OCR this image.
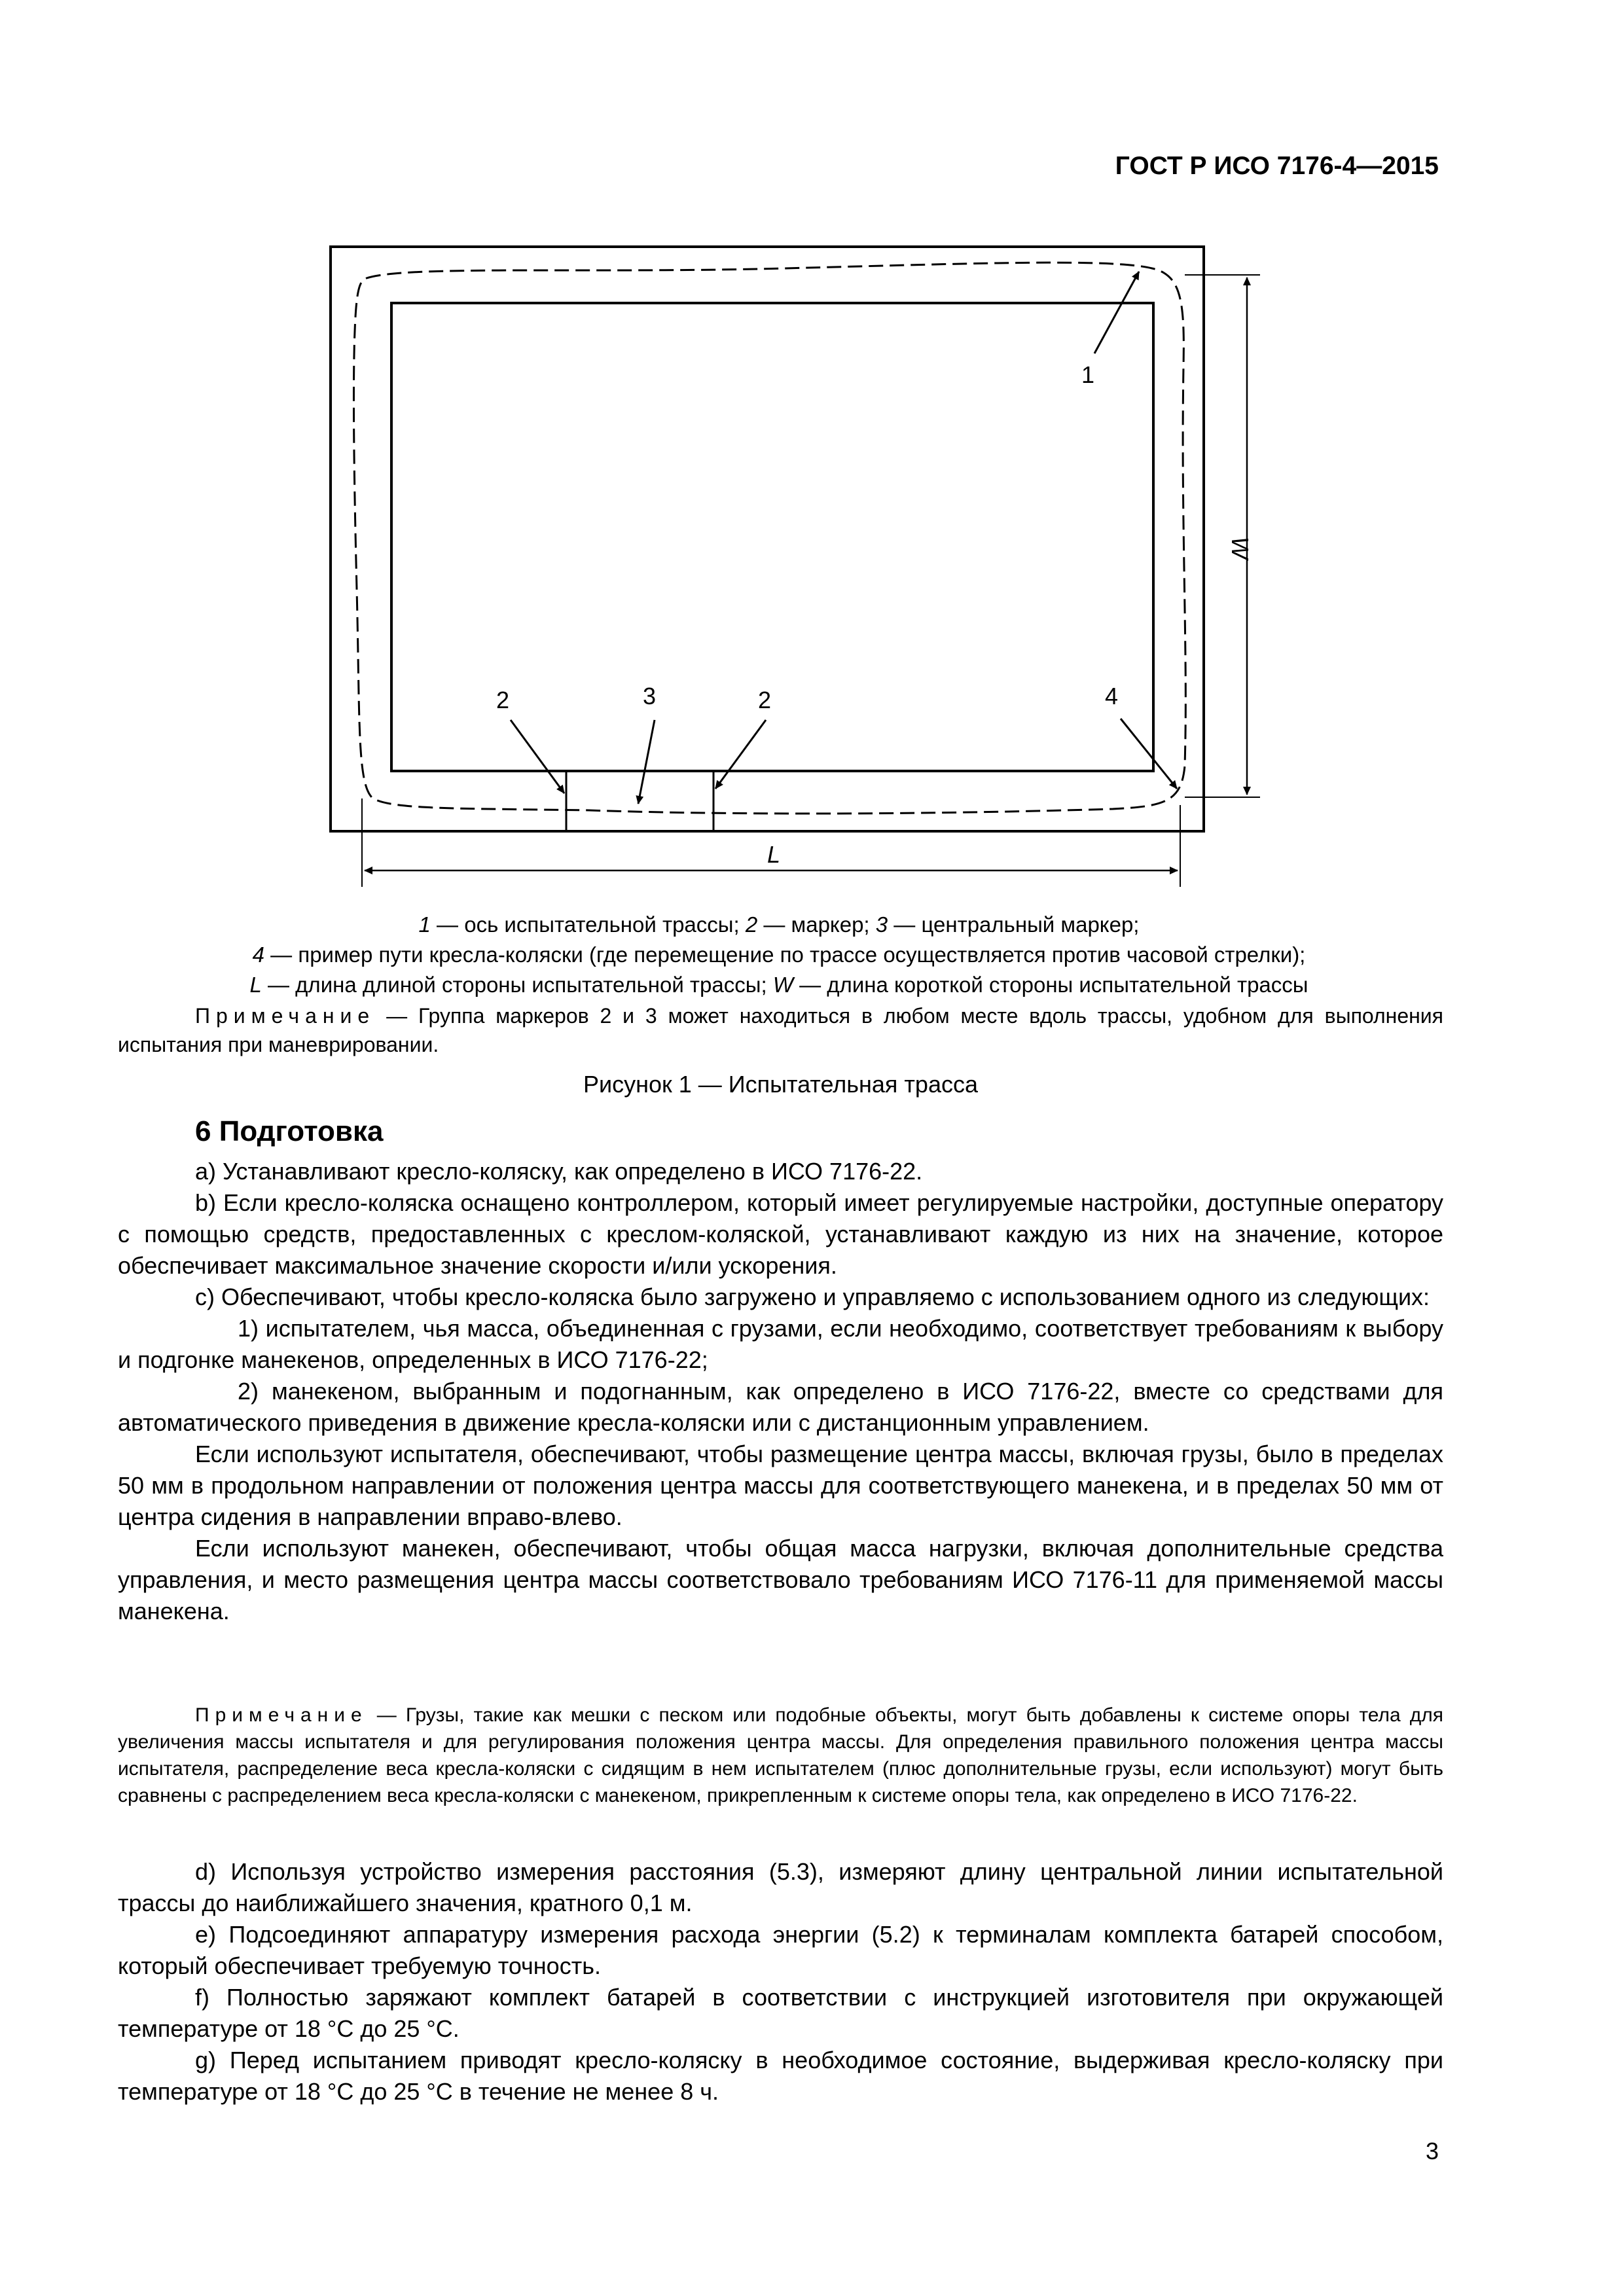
ГОСТ Р ИСО 7176-4—2015
1
2	3	2	4
L
W
1 — ось испытательной трассы; 2 — маркер; 3 — центральный маркер;
4 — пример пути кресла-коляски (где перемещение по трассе осуществляется против часовой стрелки);
L — длина длиной стороны испытательной трассы; W — длина короткой стороны испытательной трассы
Примечание — Группа маркеров 2 и 3 может находиться в любом месте вдоль трассы, удобном для выполнения испытания при маневрировании.
Рисунок 1 — Испытательная трасса
6 Подготовка

a) Устанавливают кресло-коляску, как определено в ИСО 7176-22.

b) Если кресло-коляска оснащено контроллером, который имеет регулируемые настройки, доступные оператору с помощью средств, предоставленных с креслом-коляской, устанавливают каждую из них на значение, которое обеспечивает максимальное значение скорости и/или ускорения.

c) Обеспечивают, чтобы кресло-коляска было загружено и управляемо с использованием одного из следующих:

1) испытателем, чья масса, объединенная с грузами, если необходимо, соответствует требованиям к выбору и подгонке манекенов, определенных в ИСО 7176-22;

2) манекеном, выбранным и подогнанным, как определено в ИСО 7176-22, вместе со средствами для автоматического приведения в движение кресла-коляски или с дистанционным управлением.

Если используют испытателя, обеспечивают, чтобы размещение центра массы, включая грузы, было в пределах 50 мм в продольном направлении от положения центра массы для соответствующего манекена, и в пределах 50 мм от центра сидения в направлении вправо-влево.

Если используют манекен, обеспечивают, чтобы общая масса нагрузки, включая дополнительные средства управления, и место размещения центра массы соответствовало требованиям ИСО 7176-11 для применяемой массы манекена.

Примечание — Грузы, такие как мешки с песком или подобные объекты, могут быть добавлены к системе опоры тела для увеличения массы испытателя и для регулирования положения центра массы. Для определения правильного положения центра массы испытателя, распределение веса кресла-коляски с сидящим в нем испытателем (плюс дополнительные грузы, если используют) могут быть сравнены с распределением веса кресла-коляски с манекеном, прикрепленным к системе опоры тела, как определено в ИСО 7176-22.

d) Используя устройство измерения расстояния (5.3), измеряют длину центральной линии испытательной трассы до наиближайшего значения, кратного 0,1 м.

e) Подсоединяют аппаратуру измерения расхода энергии (5.2) к терминалам комплекта батарей способом, который обеспечивает требуемую точность.

f) Полностью заряжают комплект батарей в соответствии с инструкцией изготовителя при окружающей температуре от 18 °C до 25 °C.

g) Перед испытанием приводят кресло-коляску в необходимое состояние, выдерживая кресло-коляску при температуре от 18 °C до 25 °C в течение не менее 8 ч.

3
